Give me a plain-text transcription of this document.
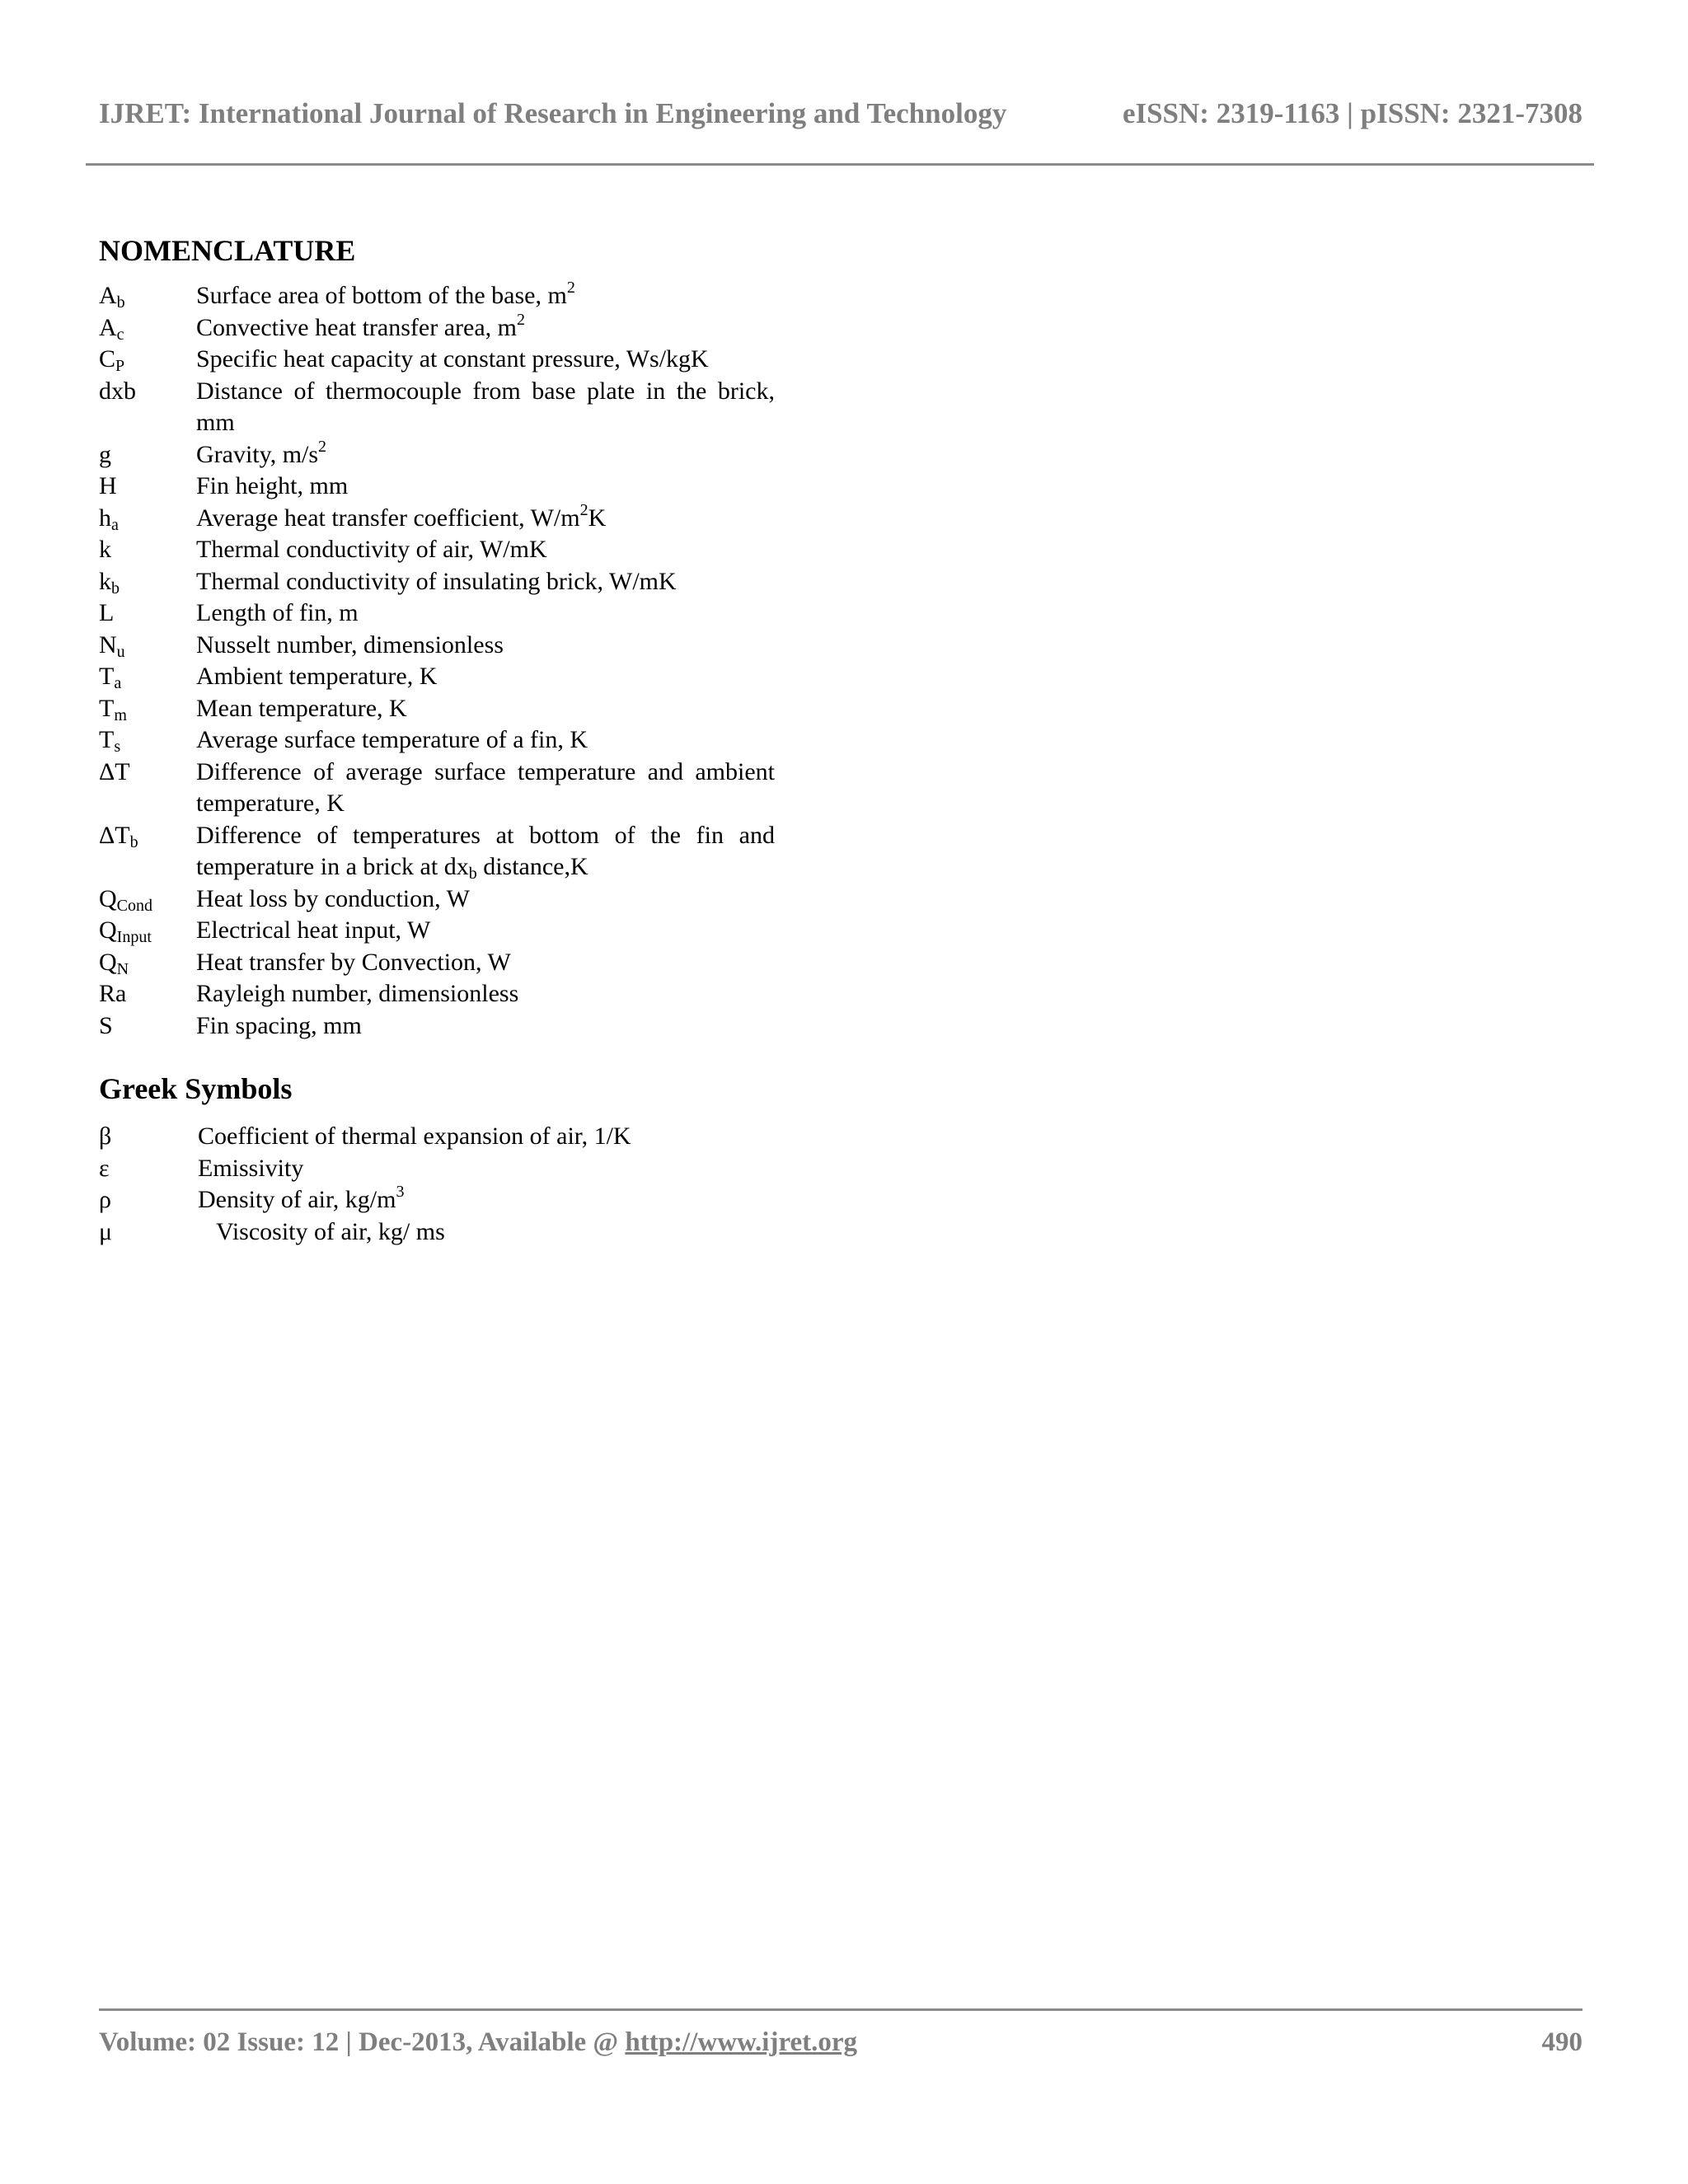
IJRET: International Journal of Research in Engineering and Technology	eISSN: 2319-1163 | pISSN: 2321-7308
NOMENCLATURE
$A_b$	Surface area of bottom of the base, $m^2$
$A_c$	Convective heat transfer area, $m^2$
$C_P$	Specific heat capacity at constant pressure, Ws/kgK
dxb	Distance of thermocouple from base plate in the brick, mm
g	Gravity, $m/s^2$
H	Fin height, mm
$h_a$	Average heat transfer coefficient, $W/m^2K$
k	Thermal conductivity of air, W/mK
$k_b$	Thermal conductivity of insulating brick, W/mK
L	Length of fin, m
$N_u$	Nusselt number, dimensionless
$T_a$	Ambient temperature, K
$T_m$	Mean temperature, K
$T_s$	Average surface temperature of a fin, K
ΔT	Difference of average surface temperature and ambient temperature, K
$\Delta T_b$	Difference of temperatures at bottom of the fin and temperature in a brick at $dx_b$ distance,K
$Q_{Cond}$	Heat loss by conduction, W
$Q_{Input}$	Electrical heat input, W
$Q_N$	Heat transfer by Convection, W
Ra	Rayleigh number, dimensionless
S	Fin spacing, mm
Greek Symbols
β	Coefficient of thermal expansion of air, 1/K
ε	Emissivity
ρ	Density of air, $kg/m^3$
μ	Viscosity of air, kg/ ms
Volume: 02 Issue: 12 | Dec-2013, Available @ http://www.ijret.org	490
